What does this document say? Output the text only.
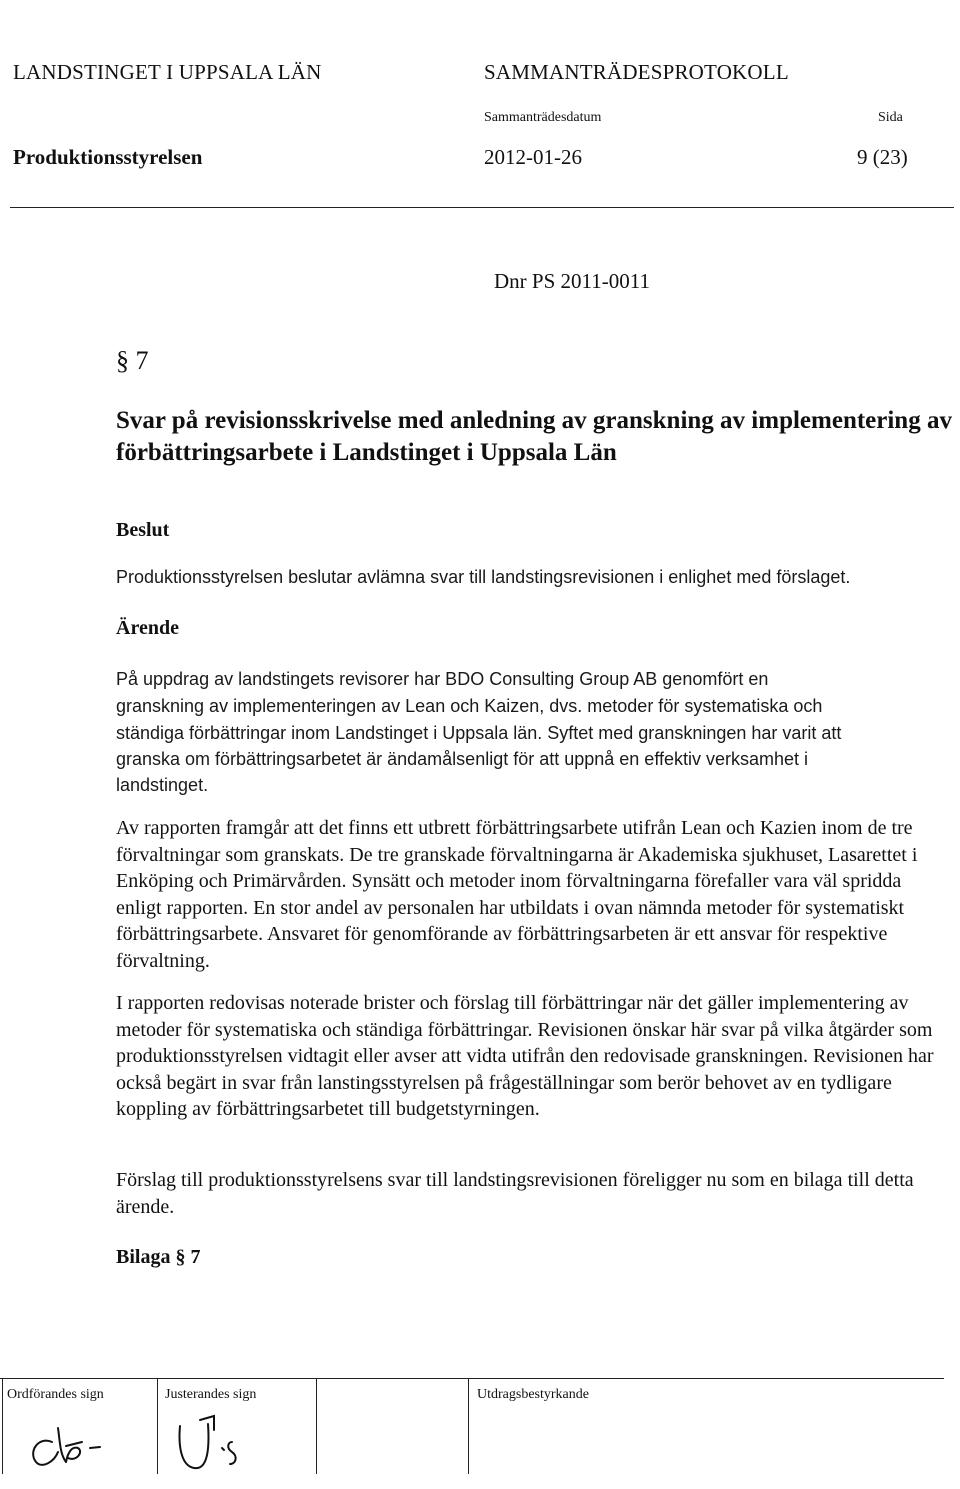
LANDSTINGET I UPPSALA LÄN	SAMMANTRÄDESPROTOKOLL
Sammanträdesdatum	Sida
Produktionsstyrelsen	2012-01-26	9 (23)
Dnr PS 2011-0011
§ 7
Svar på revisionsskrivelse med anledning av granskning av implementering av förbättringsarbete i Landstinget i Uppsala Län
Beslut
Produktionsstyrelsen beslutar avlämna svar till landstingsrevisionen i enlighet med förslaget.
Ärende
På uppdrag av landstingets revisorer har BDO Consulting Group AB genomfört en
granskning av implementeringen av Lean och Kaizen, dvs. metoder för systematiska och
ständiga förbättringar inom Landstinget i Uppsala län. Syftet med granskningen har varit att
granska om förbättringsarbetet är ändamålsenligt för att uppnå en effektiv verksamhet i
landstinget.
Av rapporten framgår att det finns ett utbrett förbättringsarbete utifrån Lean och Kazien inom de tre förvaltningar som granskats. De tre granskade förvaltningarna är Akademiska sjukhuset, Lasarettet i Enköping och Primärvården. Synsätt och metoder inom förvaltningarna förefaller vara väl spridda enligt rapporten. En stor andel av personalen har utbildats i ovan nämnda metoder för systematiskt förbättringsarbete. Ansvaret för genomförande av förbättringsarbeten är ett ansvar för respektive förvaltning.
I rapporten redovisas noterade brister och förslag till förbättringar när det gäller implementering av metoder för systematiska och ständiga förbättringar. Revisionen önskar här svar på vilka åtgärder som produktionsstyrelsen vidtagit eller avser att vidta utifrån den redovisade granskningen. Revisionen har också begärt in svar från lanstingsstyrelsen på frågeställningar som berör behovet av en tydligare koppling av förbättringsarbetet till budgetstyrningen.
Förslag till produktionsstyrelsens svar till landstingsrevisionen föreligger nu som en bilaga till detta ärende.
Bilaga § 7
Ordförandes sign	Justerandes sign	Utdragsbestyrkande
